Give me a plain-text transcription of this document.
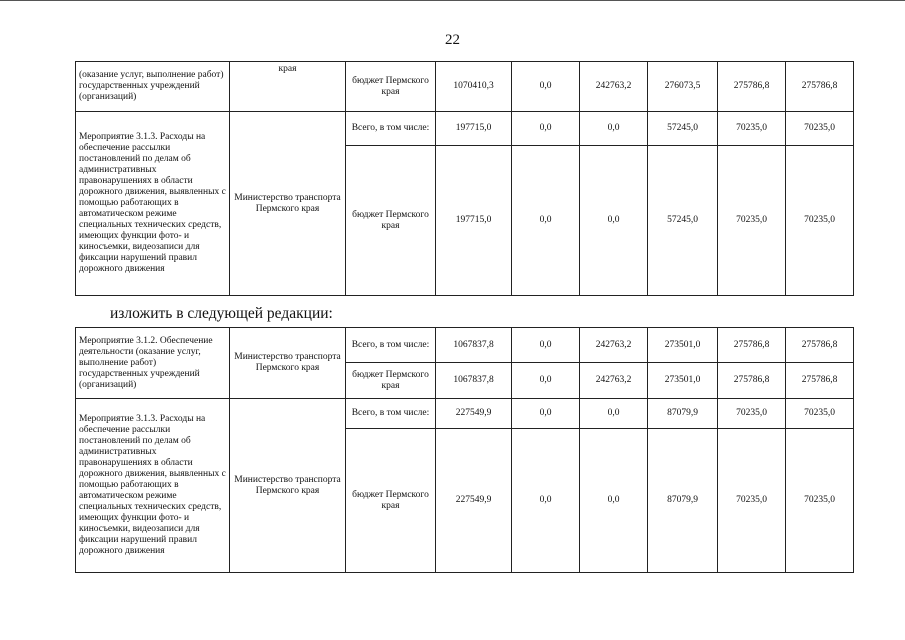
22
(оказание услуг, выполнение работ) государственных учреждений (организаций)	края	бюджет Пермского края	1070410,3	0,0	242763,2	276073,5	275786,8	275786,8
Мероприятие 3.1.3. Расходы на обеспечение рассылки постановлений по делам об административных правонарушениях в области дорожного движения, выявленных с помощью работающих в автоматическом режиме специальных технических средств, имеющих функции фото- и киносъемки, видеозаписи для фиксации нарушений правил дорожного движения	Министерство транспорта Пермского края	Всего, в том числе:	197715,0	0,0	0,0	57245,0	70235,0	70235,0
		бюджет Пермского края	197715,0	0,0	0,0	57245,0	70235,0	70235,0
изложить в следующей редакции:
Мероприятие 3.1.2. Обеспечение деятельности (оказание услуг, выполнение работ) государственных учреждений (организаций)	Министерство транспорта Пермского края	Всего, в том числе:	1067837,8	0,0	242763,2	273501,0	275786,8	275786,8
		бюджет Пермского края	1067837,8	0,0	242763,2	273501,0	275786,8	275786,8
Мероприятие 3.1.3. Расходы на обеспечение рассылки постановлений по делам об административных правонарушениях в области дорожного движения, выявленных с помощью работающих в автоматическом режиме специальных технических средств, имеющих функции фото- и киносъемки, видеозаписи для фиксации нарушений правил дорожного движения	Министерство транспорта Пермского края	Всего, в том числе:	227549,9	0,0	0,0	87079,9	70235,0	70235,0
		бюджет Пермского края	227549,9	0,0	0,0	87079,9	70235,0	70235,0
